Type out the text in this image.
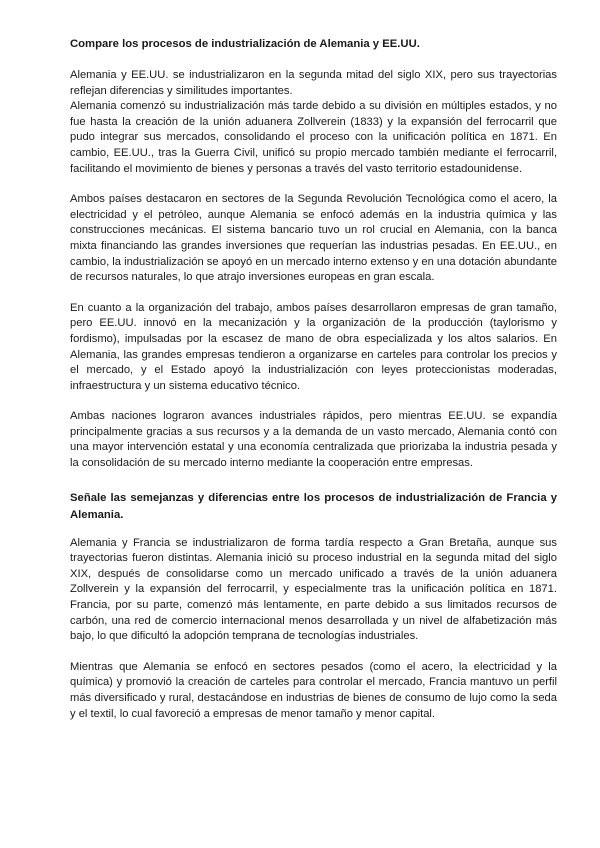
Compare los procesos de industrialización de Alemania y EE.UU.

Alemania y EE.UU. se industrializaron en la segunda mitad del siglo XIX, pero sus trayectorias reflejan diferencias y similitudes importantes.

Alemania comenzó su industrialización más tarde debido a su división en múltiples estados, y no fue hasta la creación de la unión aduanera Zollverein (1833) y la expansión del ferrocarril que pudo integrar sus mercados, consolidando el proceso con la unificación política en 1871. En cambio, EE.UU., tras la Guerra Civil, unificó su propio mercado también mediante el ferrocarril, facilitando el movimiento de bienes y personas a través del vasto territorio estadounidense.

Ambos países destacaron en sectores de la Segunda Revolución Tecnológica como el acero, la electricidad y el petróleo, aunque Alemania se enfocó además en la industria química y las construcciones mecánicas. El sistema bancario tuvo un rol crucial en Alemania, con la banca mixta financiando las grandes inversiones que requerían las industrias pesadas. En EE.UU., en cambio, la industrialización se apoyó en un mercado interno extenso y en una dotación abundante de recursos naturales, lo que atrajo inversiones europeas en gran escala.

En cuanto a la organización del trabajo, ambos países desarrollaron empresas de gran tamaño, pero EE.UU. innovó en la mecanización y la organización de la producción (taylorismo y fordismo), impulsadas por la escasez de mano de obra especializada y los altos salarios. En Alemania, las grandes empresas tendieron a organizarse en carteles para controlar los precios y el mercado, y el Estado apoyó la industrialización con leyes proteccionistas moderadas, infraestructura y un sistema educativo técnico.

Ambas naciones lograron avances industriales rápidos, pero mientras EE.UU. se expandía principalmente gracias a sus recursos y a la demanda de un vasto mercado, Alemania contó con una mayor intervención estatal y una economía centralizada que priorizaba la industria pesada y la consolidación de su mercado interno mediante la cooperación entre empresas.

Señale las semejanzas y diferencias entre los procesos de industrialización de Francia y Alemania.

Alemania y Francia se industrializaron de forma tardía respecto a Gran Bretaña, aunque sus trayectorias fueron distintas. Alemania inició su proceso industrial en la segunda mitad del siglo XIX, después de consolidarse como un mercado unificado a través de la unión aduanera Zollverein y la expansión del ferrocarril, y especialmente tras la unificación política en 1871. Francia, por su parte, comenzó más lentamente, en parte debido a sus limitados recursos de carbón, una red de comercio internacional menos desarrollada y un nivel de alfabetización más bajo, lo que dificultó la adopción temprana de tecnologías industriales.

Mientras que Alemania se enfocó en sectores pesados (como el acero, la electricidad y la química) y promovió la creación de carteles para controlar el mercado, Francia mantuvo un perfil más diversificado y rural, destacándose en industrias de bienes de consumo de lujo como la seda y el textil, lo cual favoreció a empresas de menor tamaño y menor capital.
